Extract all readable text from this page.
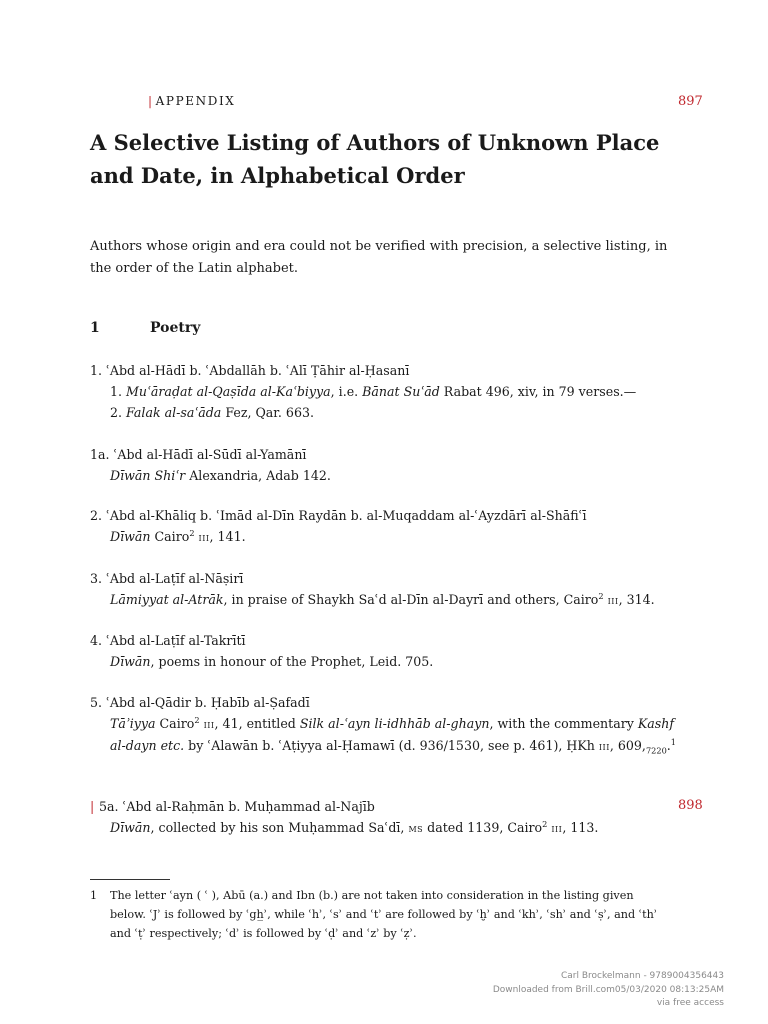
| APPENDIX	897
A Selective Listing of Authors of Unknown Place and Date, in Alphabetical Order
Authors whose origin and era could not be verified with precision, a selective listing, in the order of the Latin alphabet.
1	Poetry
1. ʿAbd al-Hādī b. ʿAbdallāh b. ʿAlī Ṭāhir al-Ḥasanī
1. Muʿāraḍat al-Qaṣīda al-Kaʿbiyya, i.e. Bānat Suʿād Rabat 496, xiv, in 79 verses.—
2. Falak al-saʿāda Fez, Qar. 663.
1a. ʿAbd al-Hādī al-Sūdī al-Yamānī
Dīwān Shiʿr Alexandria, Adab 142.
2. ʿAbd al-Khāliq b. ʿImād al-Dīn Raydān b. al-Muqaddam al-ʿAyzdārī al-Shāfiʿī
Dīwān Cairo$^2$ iii, 141.
3. ʿAbd al-Laṭīf al-Nāṣirī
Lāmiyyat al-Atrāk, in praise of Shaykh Saʿd al-Dīn al-Dayrī and others, Cairo$^2$ iii, 314.
4. ʿAbd al-Laṭīf al-Takrītī
Dīwān, poems in honour of the Prophet, Leid. 705.
5. ʿAbd al-Qādir b. Ḥabīb al-Ṣafadī
Tāʾiyya Cairo$^2$ iii, 41, entitled Silk al-ʿayn li-idhhāb al-ghayn, with the commentary Kashf al-dayn etc. by ʿAlawān b. ʿAṭiyya al-Ḥamawī (d. 936/1530, see p. 461), ḤKh iii, $609,_{7220}.^1$
| 5a. ʿAbd al-Raḥmān b. Muḥammad al-Najīb
Dīwān, collected by his son Muḥammad Saʿdī, ms dated 1139, Cairo$^2$ iii, 113.
898
1 The letter ʿayn ( ʿ ), Abū (a.) and Ibn (b.) are not taken into consideration in the listing given below. ʿJʾ is followed by ʿgh̲ʾ, while ʿhʾ, ʿsʾ and ʿtʾ are followed by ʿḫʾ and ʿkhʾ, ʿshʾ and ʿṣʾ, and ʿthʾ and ʿṭʾ respectively; ʿdʾ is followed by ʿḍʾ and ʿzʾ by ʿẓʾ.
Carl Brockelmann - 9789004356443
Downloaded from Brill.com05/03/2020 08:13:25AM
via free access
